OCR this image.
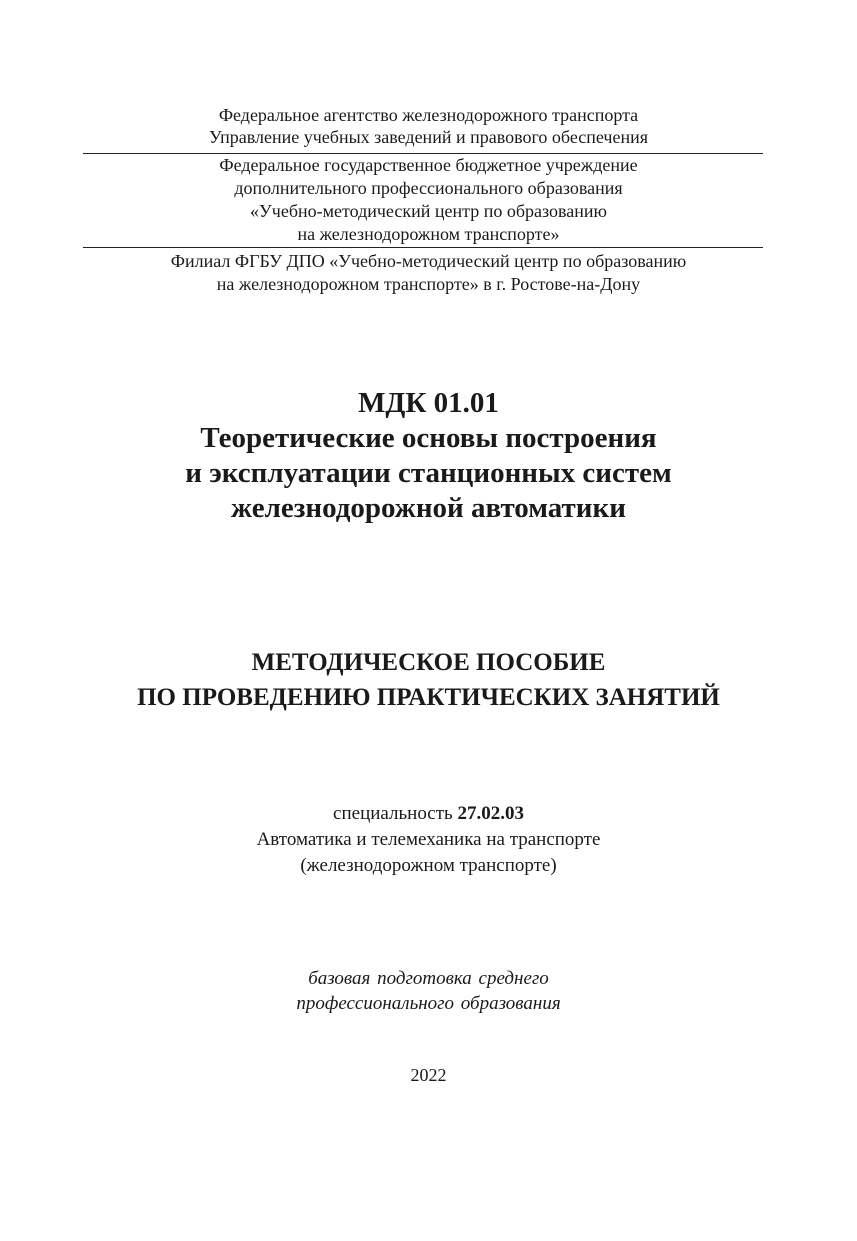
Федеральное агентство железнодорожного транспорта
Управление учебных заведений и правового обеспечения
Федеральное государственное бюджетное учреждение
дополнительного профессионального образования
«Учебно-методический центр по образованию
на железнодорожном транспорте»
Филиал ФГБУ ДПО «Учебно-методический центр по образованию
на железнодорожном транспорте» в г. Ростове-на-Дону
МДК 01.01
Теоретические основы построения
и эксплуатации станционных систем
железнодорожной автоматики
МЕТОДИЧЕСКОЕ ПОСОБИЕ
ПО ПРОВЕДЕНИЮ ПРАКТИЧЕСКИХ ЗАНЯТИЙ
специальность 27.02.03
Автоматика и телемеханика на транспорте
(железнодорожном транспорте)
базовая подготовка среднего
профессионального образования
2022
